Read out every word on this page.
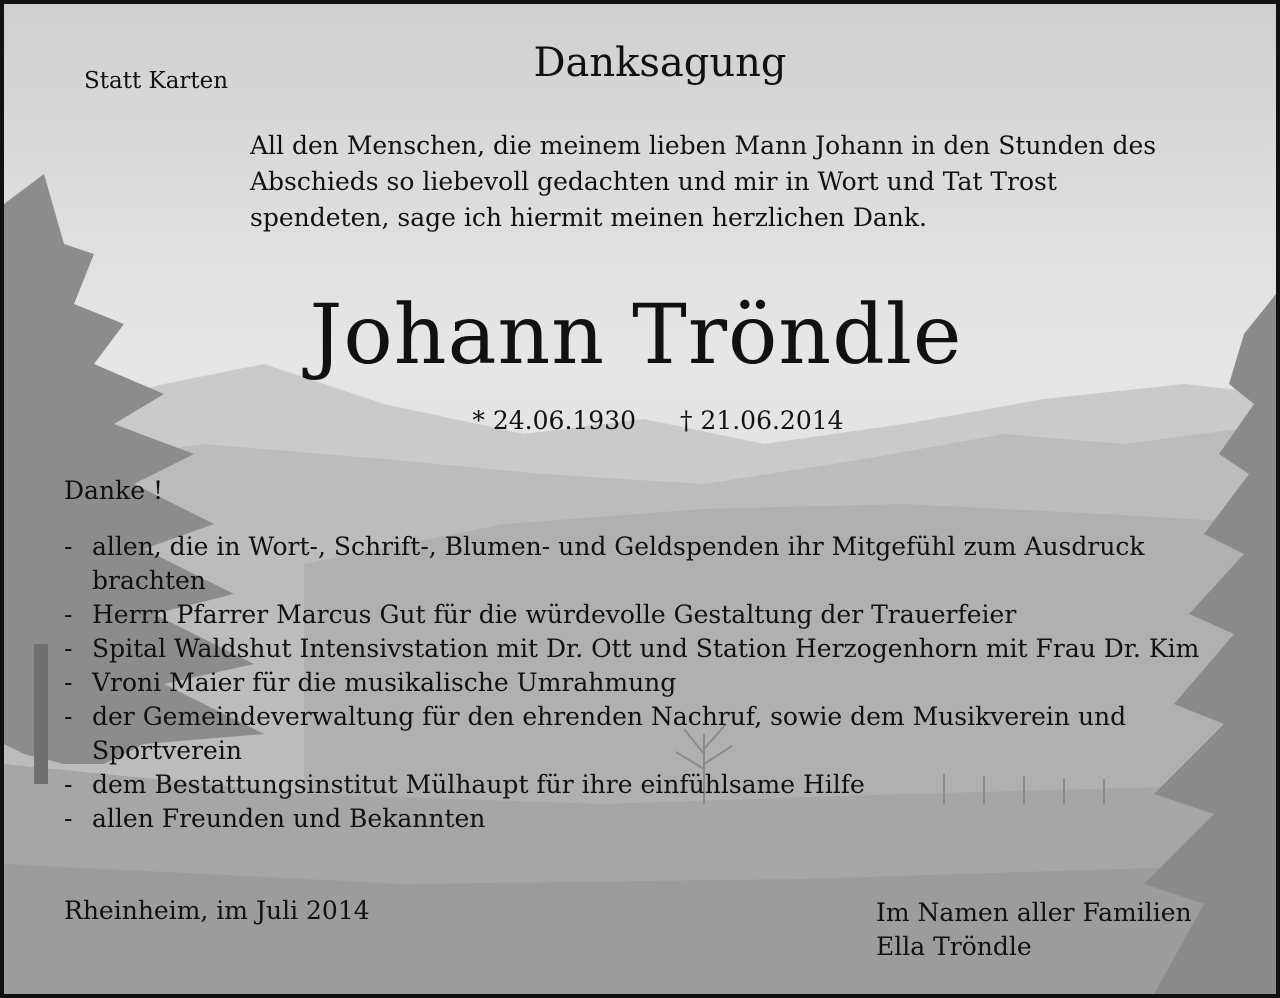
Statt Karten	Danksagung

All den Menschen, die meinem lieben Mann Johann in den Stunden des
Abschieds so liebevoll gedachten und mir in Wort und Tat Trost
spendeten, sage ich hiermit meinen herzlichen Dank.

Johann Tröndle

* 24.06.1930 † 21.06.2014

Danke !

- allen, die in Wort-, Schrift-, Blumen- und Geldspenden ihr Mitgefühl zum Ausdruck
brachten
- Herrn Pfarrer Marcus Gut für die würdevolle Gestaltung der Trauerfeier
- Spital Waldshut Intensivstation mit Dr. Ott und Station Herzogenhorn mit Frau Dr. Kim
- Vroni Maier für die musikalische Umrahmung
- der Gemeindeverwaltung für den ehrenden Nachruf, sowie dem Musikverein und
Sportverein
- dem Bestattungsinstitut Mülhaupt für ihre einfühlsame Hilfe
- allen Freunden und Bekannten

Rheinheim, im Juli 2014	Im Namen aller Familien
Ella Tröndle
